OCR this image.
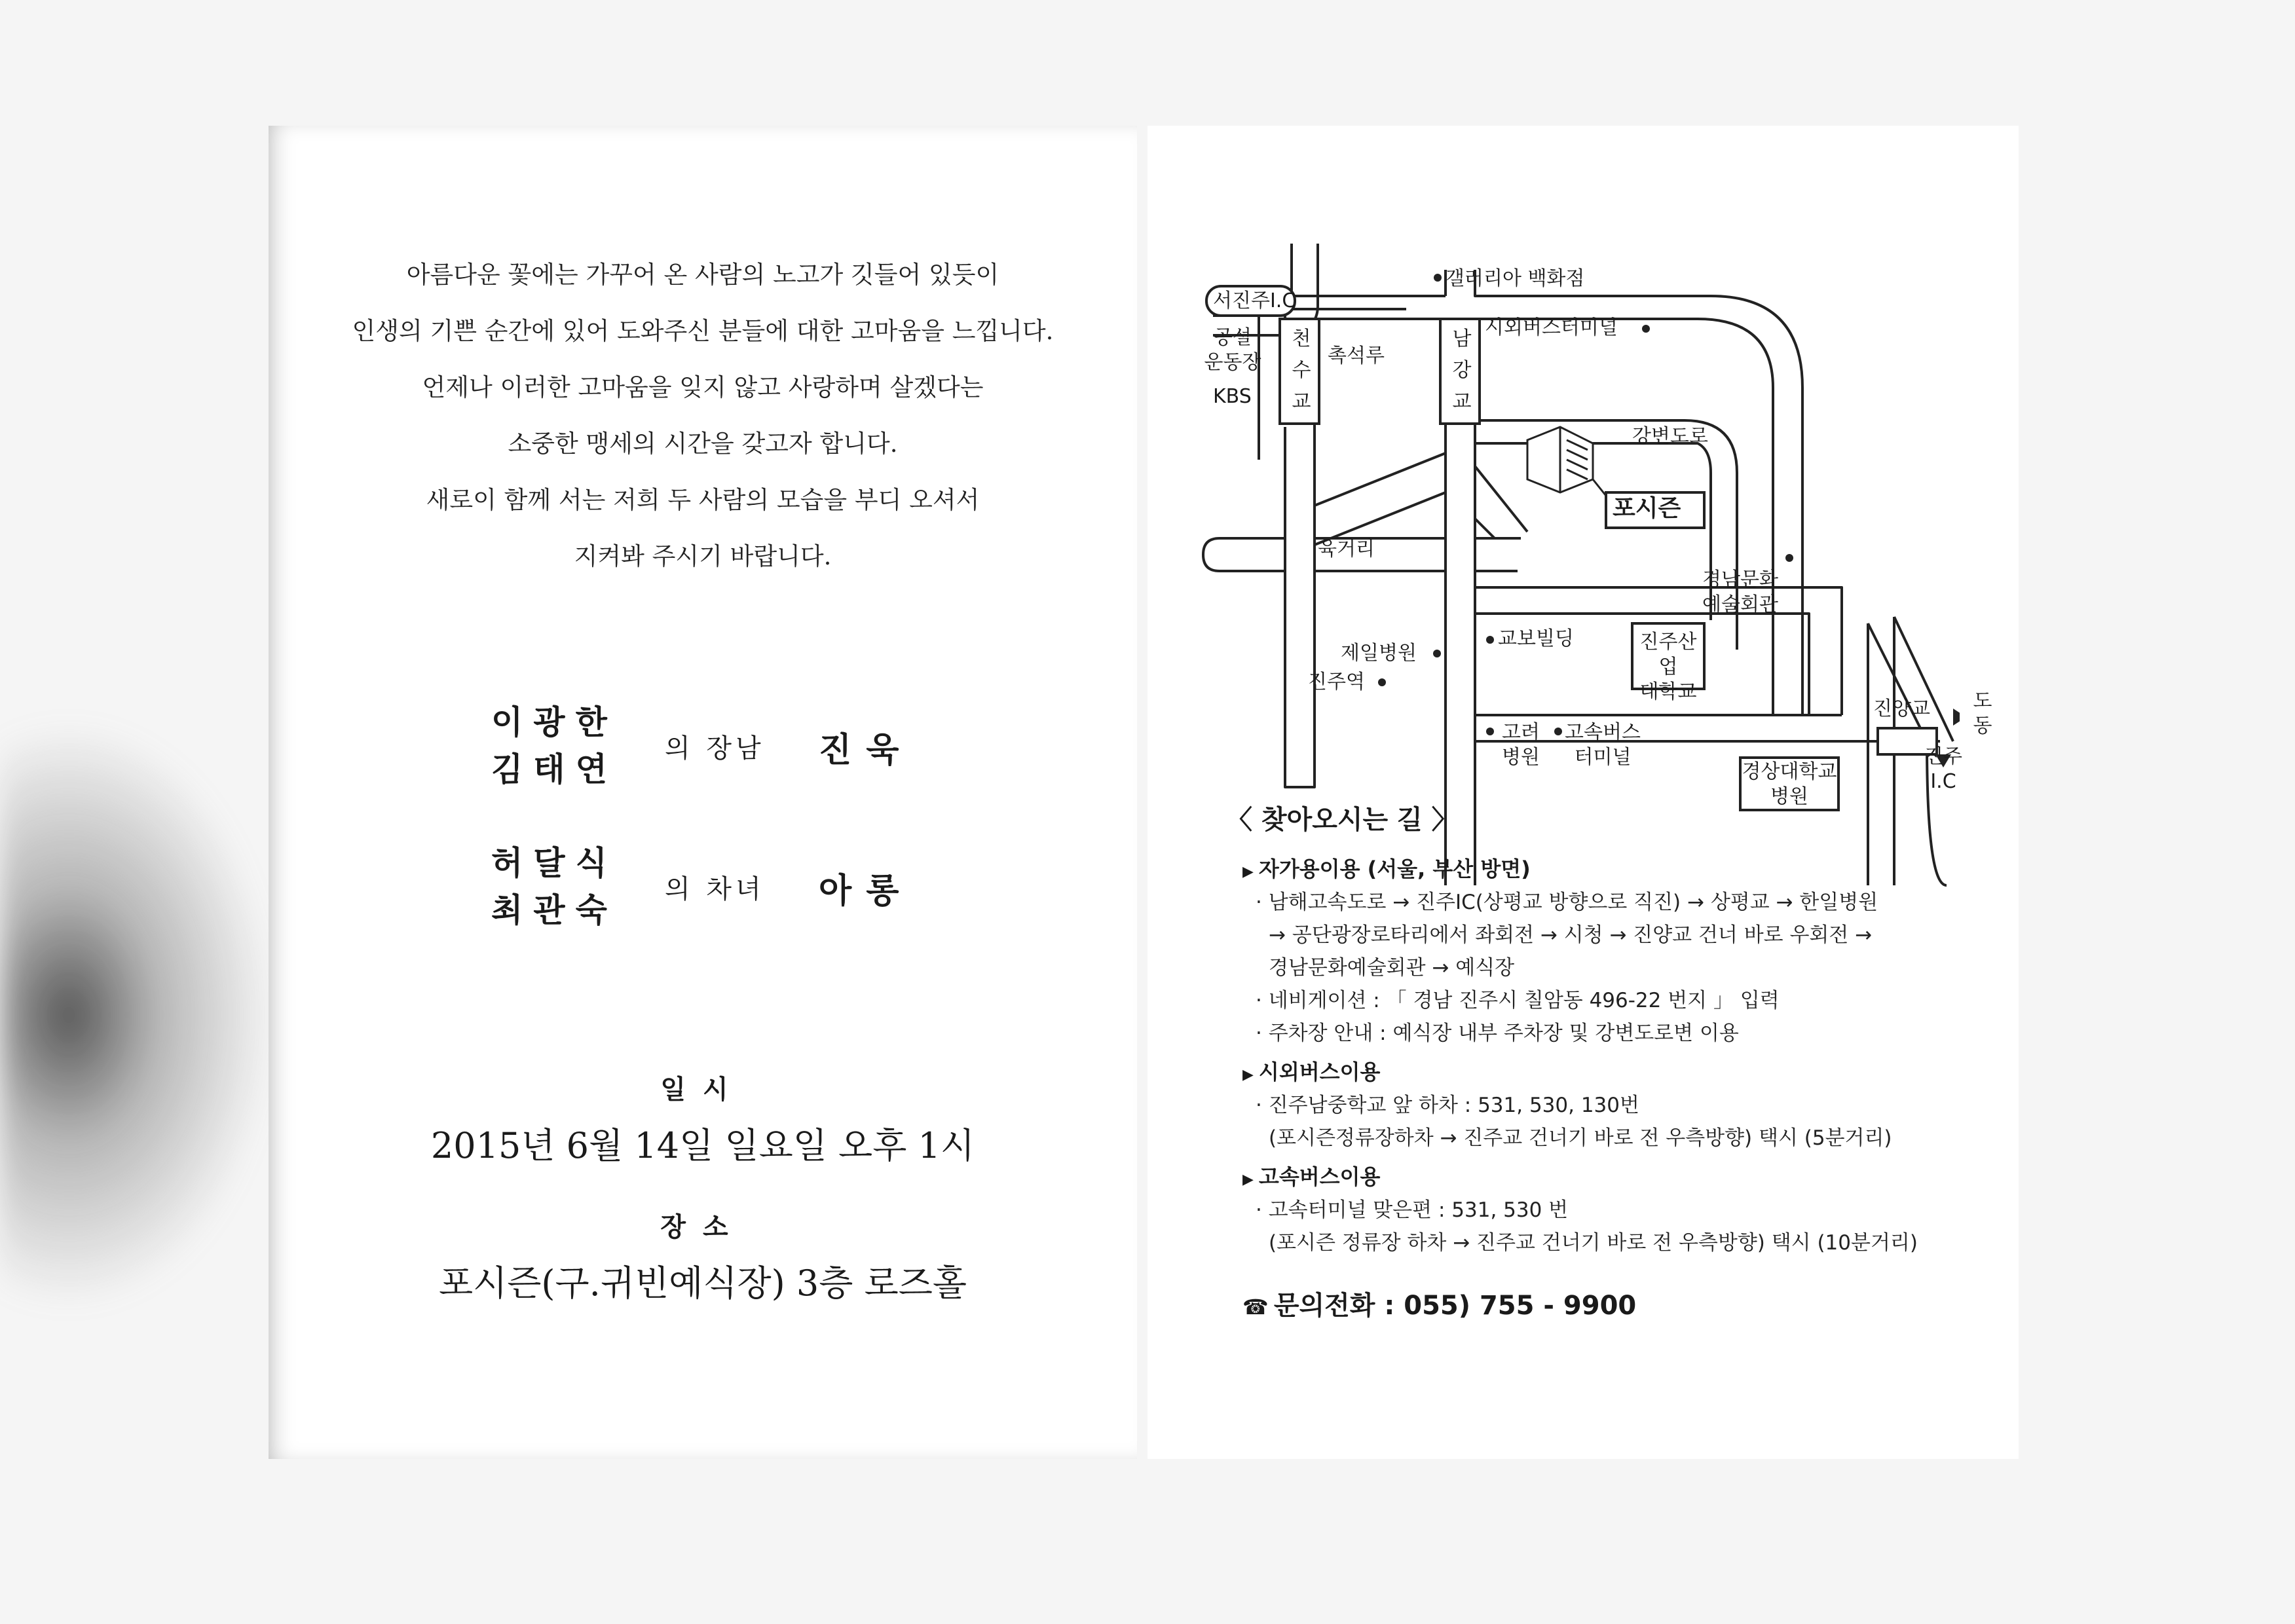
아름다운 꽃에는 가꾸어 온 사람의 노고가 깃들어 있듯이
인생의 기쁜 순간에 있어 도와주신 분들에 대한 고마움을 느낍니다.
언제나 이러한 고마움을 잊지 않고 사랑하며 살겠다는
소중한 맹세의 시간을 갖고자 합니다.
새로이 함께 서는 저희 두 사람의 모습을 부디 오셔서
지켜봐 주시기 바랍니다.
이광한
김태연
의 장남 진욱
허달식
최관숙
의 차녀 아롱
일시
2015년 6월 14일 일요일 오후 1시
장소
포시즌(구.귀빈예식장) 3층 로즈홀
서진주I.C
갤러리아 백화점
공설
운동장
KBS
천
수
교
촉석루
남
강
교
시외버스터미널
강변도로
포시즌
육거리
경남문화
예술회관
교보빌딩	진주산업
대학교
제일병원
진주역
진양교 도
동
고려
병원
고속버스
터미널
경상대학교
병원
진주
I.C
〈 찾아오시는 길 〉
▶ 자가용이용 (서울, 부산 방면)
· 남해고속도로 → 진주IC(상평교 방향으로 직진) → 상평교 → 한일병원
→ 공단광장로타리에서 좌회전 → 시청 → 진양교 건너 바로 우회전 →
경남문화예술회관 → 예식장
· 네비게이션 : 「 경남 진주시 칠암동 496-22 번지 」 입력
· 주차장 안내 : 예식장 내부 주차장 및 강변도로변 이용
▶ 시외버스이용
· 진주남중학교 앞 하차 : 531, 530, 130번
(포시즌정류장하차 → 진주교 건너기 바로 전 우측방향) 택시 (5분거리)
▶ 고속버스이용
· 고속터미널 맞은편 : 531, 530 번
(포시즌 정류장 하차 → 진주교 건너기 바로 전 우측방향) 택시 (10분거리)
☎ 문의전화 : 055) 755 - 9900
